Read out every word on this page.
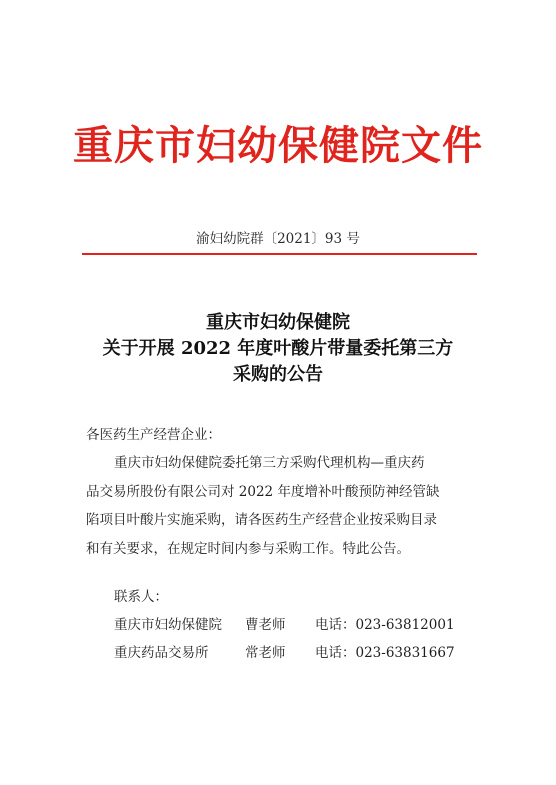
重庆市妇幼保健院文件
渝妇幼院群〔2021〕93 号
重庆市妇幼保健院
关于开展 2022 年度叶酸片带量委托第三方
采购的公告
各医药生产经营企业：
重庆市妇幼保健院委托第三方采购代理机构—重庆药
品交易所股份有限公司对 2022 年度增补叶酸预防神经管缺
陷项目叶酸片实施采购，请各医药生产经营企业按采购目录
和有关要求，在规定时间内参与采购工作。特此公告。
联系人：
重庆市妇幼保健院	曹老师	电话：023-63812001
重庆药品交易所	常老师	电话：023-63831667
